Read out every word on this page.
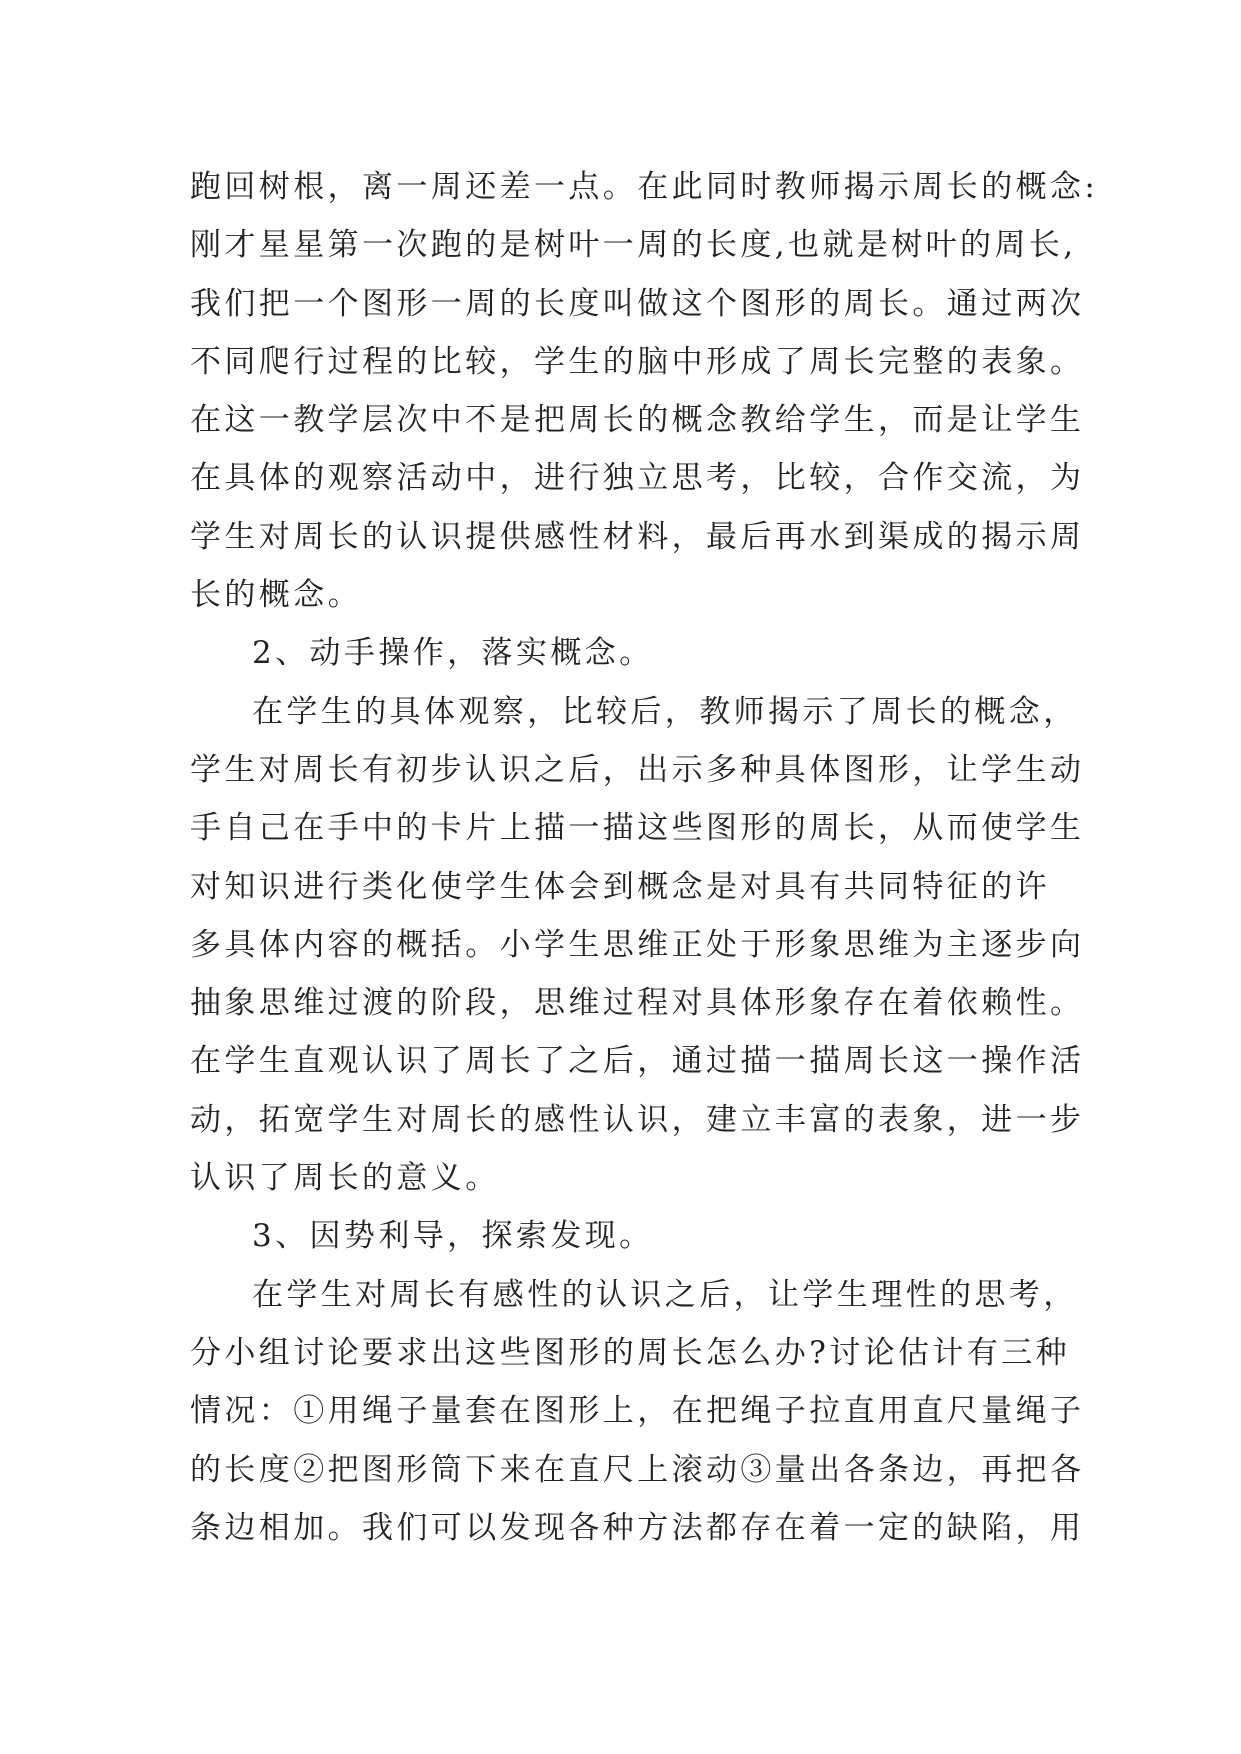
跑回树根，离一周还差一点。在此同时教师揭示周长的概念:
刚才星星第一次跑的是树叶一周的长度,也就是树叶的周长,
我们把一个图形一周的长度叫做这个图形的周长。通过两次
不同爬行过程的比较，学生的脑中形成了周长完整的表象。
在这一教学层次中不是把周长的概念教给学生，而是让学生
在具体的观察活动中，进行独立思考，比较，合作交流，为
学生对周长的认识提供感性材料，最后再水到渠成的揭示周
长的概念。
2、动手操作，落实概念。
在学生的具体观察，比较后，教师揭示了周长的概念，
学生对周长有初步认识之后，出示多种具体图形，让学生动
手自己在手中的卡片上描一描这些图形的周长，从而使学生
对知识进行类化使学生体会到概念是对具有共同特征的许
多具体内容的概括。小学生思维正处于形象思维为主逐步向
抽象思维过渡的阶段，思维过程对具体形象存在着依赖性。
在学生直观认识了周长了之后，通过描一描周长这一操作活
动，拓宽学生对周长的感性认识，建立丰富的表象，进一步
认识了周长的意义。
3、因势利导，探索发现。
在学生对周长有感性的认识之后，让学生理性的思考，
分小组讨论要求出这些图形的周长怎么办?讨论估计有三种
情况：①用绳子量套在图形上，在把绳子拉直用直尺量绳子
的长度②把图形筒下来在直尺上滚动③量出各条边，再把各
条边相加。我们可以发现各种方法都存在着一定的缺陷，用
